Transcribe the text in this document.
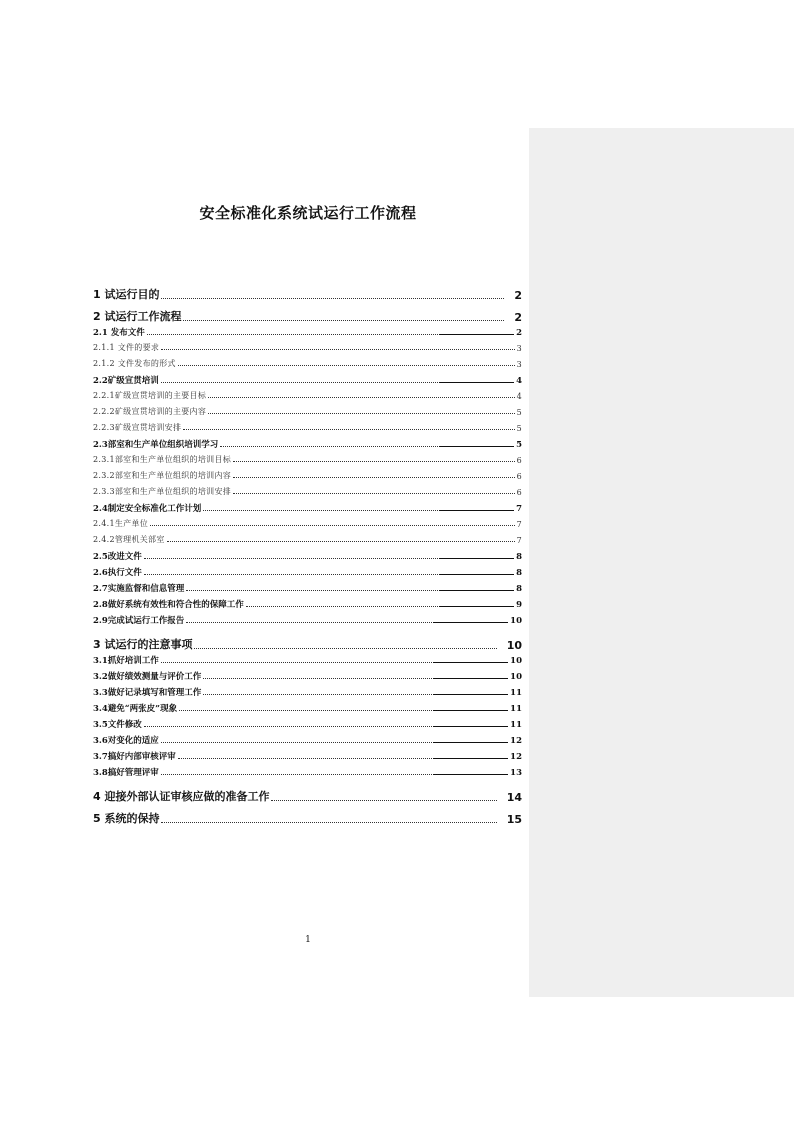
安全标准化系统试运行工作流程
1 试运行目的	2
2 试运行工作流程	2
2.1 发布文件	2
2.1.1 文件的要求	3
2.1.2 文件发布的形式	3
2.2矿级宣贯培训	4
2.2.1矿级宣贯培训的主要目标	4
2.2.2矿级宣贯培训的主要内容	5
2.2.3矿级宣贯培训安排	5
2.3部室和生产单位组织培训学习	5
2.3.1部室和生产单位组织的培训目标	6
2.3.2部室和生产单位组织的培训内容	6
2.3.3部室和生产单位组织的培训安排	6
2.4制定安全标准化工作计划	7
2.4.1生产单位	7
2.4.2管理机关部室	7
2.5改进文件	8
2.6执行文件	8
2.7实施监督和信息管理	8
2.8做好系统有效性和符合性的保障工作	9
2.9完成试运行工作报告	10
3 试运行的注意事项	10
3.1抓好培训工作	10
3.2做好绩效测量与评价工作	10
3.3做好记录填写和管理工作	11
3.4避免“两张皮”现象	11
3.5文件修改	11
3.6对变化的适应	12
3.7搞好内部审核评审	12
3.8搞好管理评审	13
4 迎接外部认证审核应做的准备工作	14
5 系统的保持	15
1
